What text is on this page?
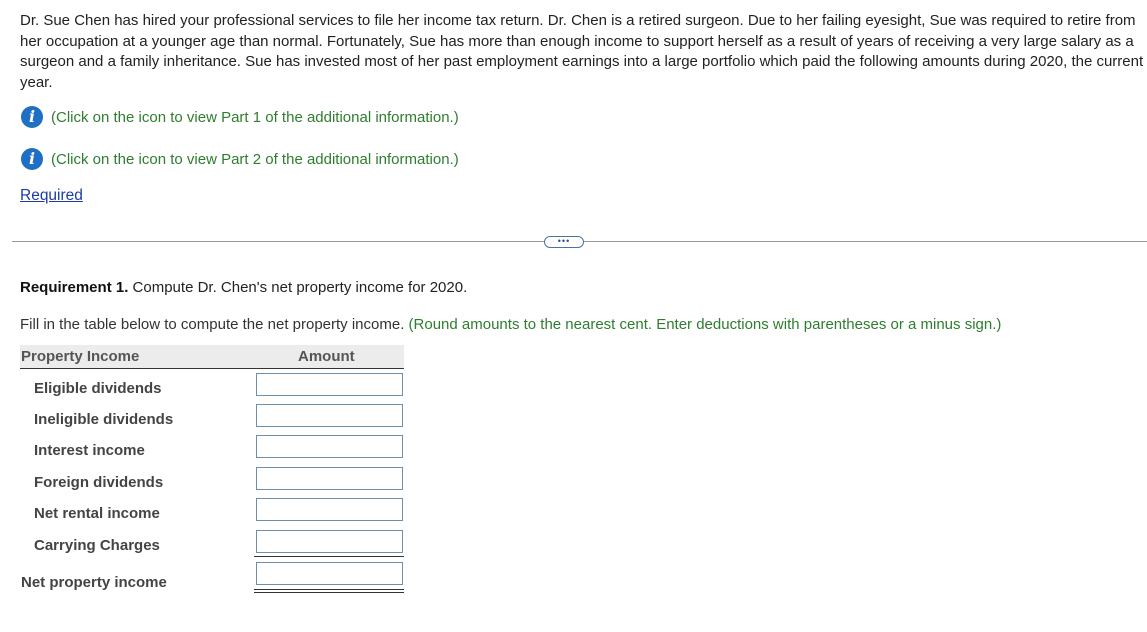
Dr. Sue Chen has hired your professional services to file her income tax return. Dr. Chen is a retired surgeon. Due to her failing eyesight, Sue was required to retire from her occupation at a younger age than normal. Fortunately, Sue has more than enough income to support herself as a result of years of receiving a very large salary as a surgeon and a family inheritance. Sue has invested most of her past employment earnings into a large portfolio which paid the following amounts during 2020, the current year.
i	(Click on the icon to view Part 1 of the additional information.)
i	(Click on the icon to view Part 2 of the additional information.)
Required
•••
Requirement 1. Compute Dr. Chen's net property income for 2020.
Fill in the table below to compute the net property income. (Round amounts to the nearest cent. Enter deductions with parentheses or a minus sign.)
Property Income	Amount
Eligible dividends
Ineligible dividends
Interest income
Foreign dividends
Net rental income
Carrying Charges
Net property income
